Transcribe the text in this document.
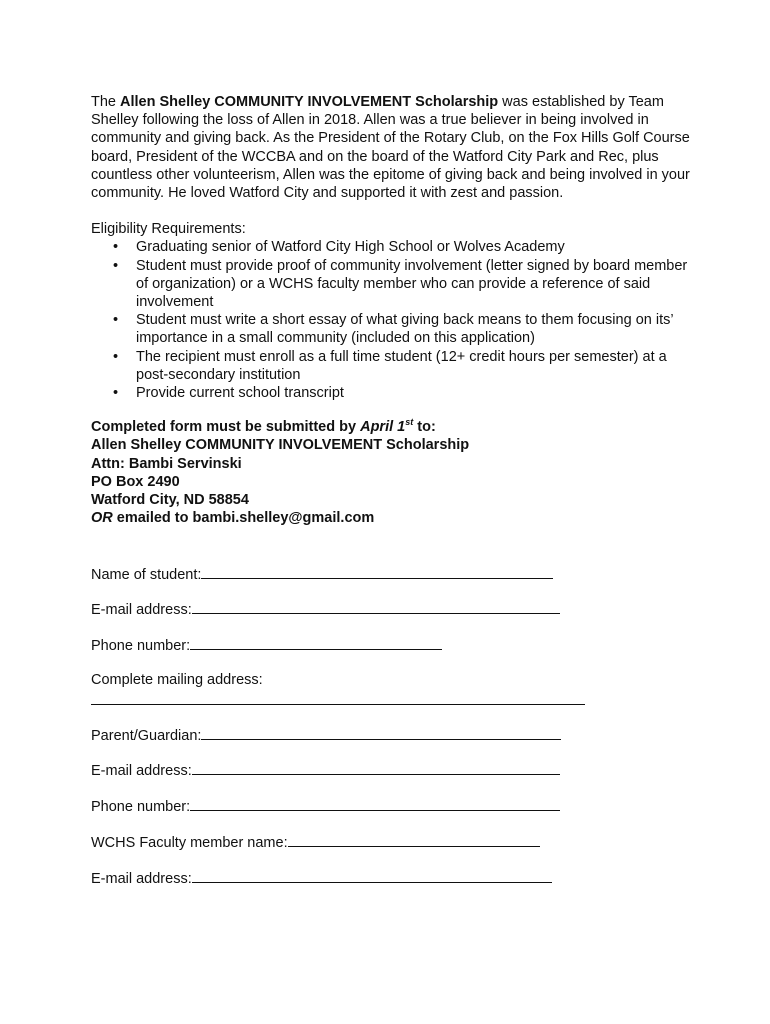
The Allen Shelley COMMUNITY INVOLVEMENT Scholarship was established by Team Shelley following the loss of Allen in 2018. Allen was a true believer in being involved in community and giving back. As the President of the Rotary Club, on the Fox Hills Golf Course board, President of the WCCBA and on the board of the Watford City Park and Rec, plus countless other volunteerism, Allen was the epitome of giving back and being involved in your community. He loved Watford City and supported it with zest and passion.

Eligibility Requirements:

• Graduating senior of Watford City High School or Wolves Academy
• Student must provide proof of community involvement (letter signed by board member of organization) or a WCHS faculty member who can provide a reference of said involvement
• Student must write a short essay of what giving back means to them focusing on its’ importance in a small community (included on this application)
• The recipient must enroll as a full time student (12+ credit hours per semester) at a post-secondary institution
• Provide current school transcript
Completed form must be submitted by April 1st to:
Allen Shelley COMMUNITY INVOLVEMENT Scholarship
Attn: Bambi Servinski
PO Box 2490
Watford City, ND 58854
OR emailed to bambi.shelley@gmail.com
Name of student:
E-mail address:
Phone number:
Complete mailing address:
Parent/Guardian:
E-mail address:
Phone number:
WCHS Faculty member name:
E-mail address:
